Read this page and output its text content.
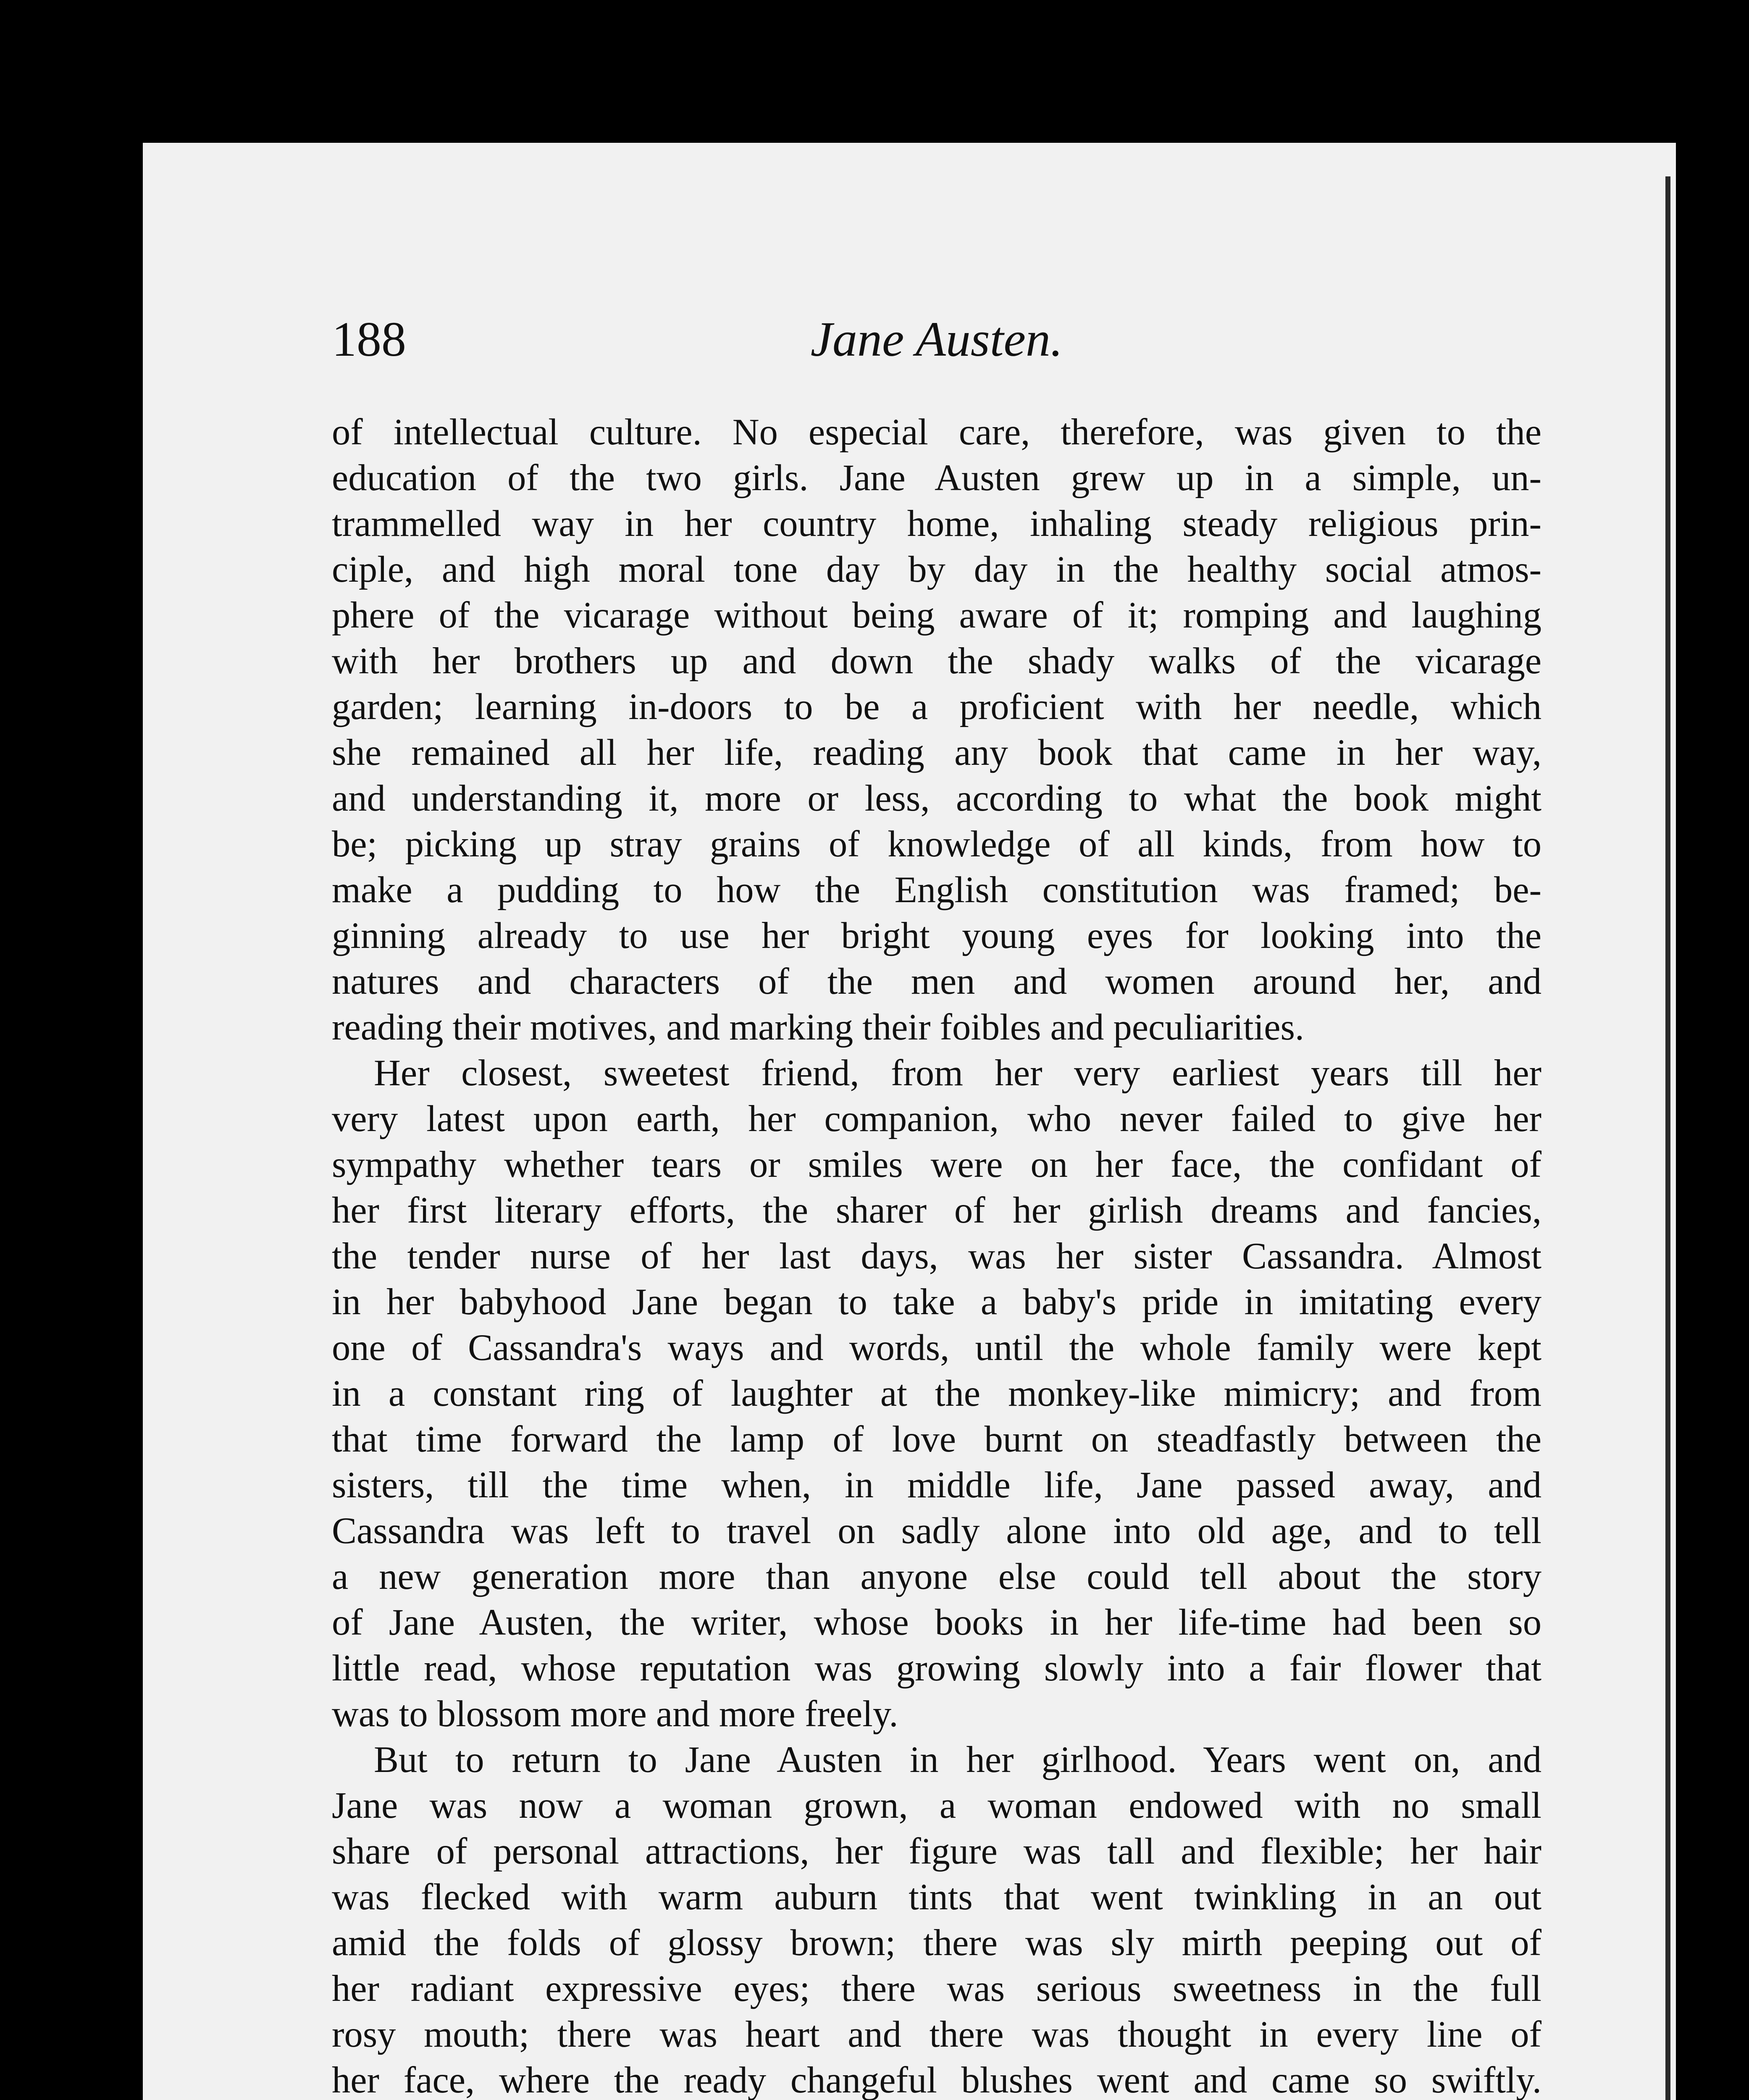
188	Jane Austen.
of intellectual culture. No especial care, therefore, was given to the
education of the two girls. Jane Austen grew up in a simple, un-
trammelled way in her country home, inhaling steady religious prin-
ciple, and high moral tone day by day in the healthy social atmos-
phere of the vicarage without being aware of it; romping and laughing
with her brothers up and down the shady walks of the vicarage
garden; learning in-doors to be a proficient with her needle, which
she remained all her life, reading any book that came in her way,
and understanding it, more or less, according to what the book might
be; picking up stray grains of knowledge of all kinds, from how to
make a pudding to how the English constitution was framed; be-
ginning already to use her bright young eyes for looking into the
natures and characters of the men and women around her, and
reading their motives, and marking their foibles and peculiarities.
Her closest, sweetest friend, from her very earliest years till her
very latest upon earth, her companion, who never failed to give her
sympathy whether tears or smiles were on her face, the confidant of
her first literary efforts, the sharer of her girlish dreams and fancies,
the tender nurse of her last days, was her sister Cassandra. Almost
in her babyhood Jane began to take a baby's pride in imitating every
one of Cassandra's ways and words, until the whole family were kept
in a constant ring of laughter at the monkey-like mimicry; and from
that time forward the lamp of love burnt on steadfastly between the
sisters, till the time when, in middle life, Jane passed away, and
Cassandra was left to travel on sadly alone into old age, and to tell
a new generation more than anyone else could tell about the story
of Jane Austen, the writer, whose books in her life-time had been so
little read, whose reputation was growing slowly into a fair flower that
was to blossom more and more freely.
But to return to Jane Austen in her girlhood. Years went on, and
Jane was now a woman grown, a woman endowed with no small
share of personal attractions, her figure was tall and flexible; her hair
was flecked with warm auburn tints that went twinkling in an out
amid the folds of glossy brown; there was sly mirth peeping out of
her radiant expressive eyes; there was serious sweetness in the full
rosy mouth; there was heart and there was thought in every line of
her face, where the ready changeful blushes went and came so swiftly.
